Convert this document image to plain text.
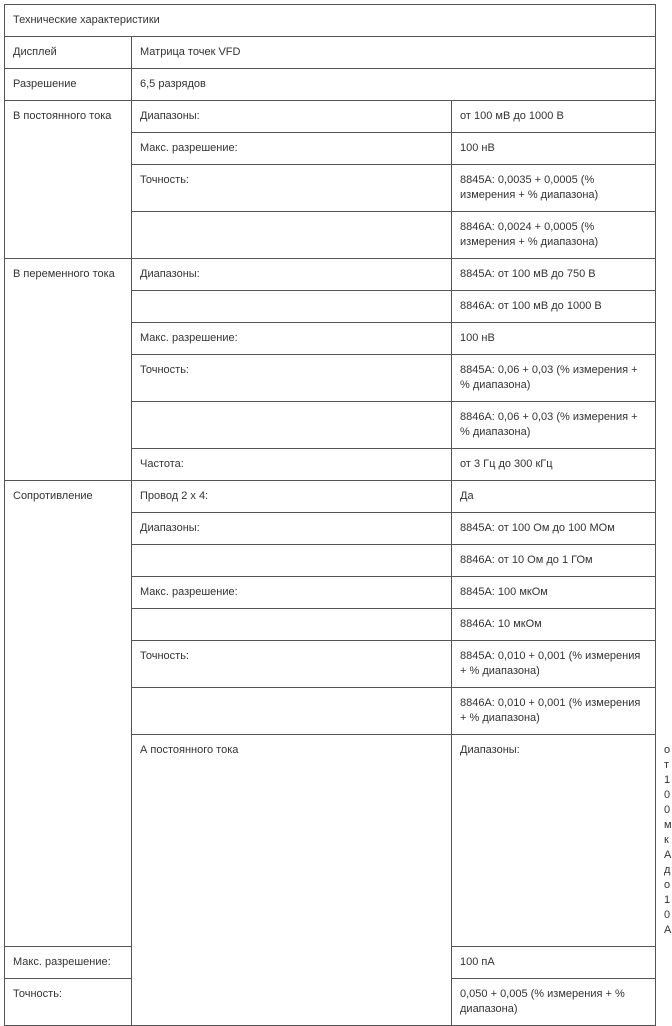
Технические характеристики			
Дисплей	Матрица точек VFD		
Разрешение	6,5 разрядов		
В постоянного тока	Диапазоны:	от 100 мВ до 1000 В	
	Макс. разрешение:	100 нВ	
	Точность:	8845A: 0,0035 + 0,0005 (% измерения + % диапазона)	
		8846A: 0,0024 + 0,0005 (% измерения + % диапазона)	
В переменного тока	Диапазоны:	8845A: от 100 мВ до 750 В	
		8846A: от 100 мВ до 1000 В	
	Макс. разрешение:	100 нВ	
	Точность:	8845A: 0,06 + 0,03 (% измерения + % диапазона)	
		8846A: 0,06 + 0,03 (% измерения + % диапазона)	
	Частота:	от 3 Гц до 300 кГц	
Сопротивление	Провод 2 x 4:	Да	
	Диапазоны:	8845A: от 100 Ом до 100 МОм	
		8846A: от 10 Ом до 1 ГОм	
	Макс. разрешение:	8845A: 100 мкОм	
		8846A: 10 мкОм	
	Точность:	8845A: 0,010 + 0,001 (% измерения + % диапазона)	
		8846A: 0,010 + 0,001 (% измерения + % диапазона)	
	А постоянного тока	Диапазоны:	от 100 мкА до 10 А
Макс. разрешение:		100 пА	
Точность:		0,050 + 0,005 (% измерения + % диапазона)	
